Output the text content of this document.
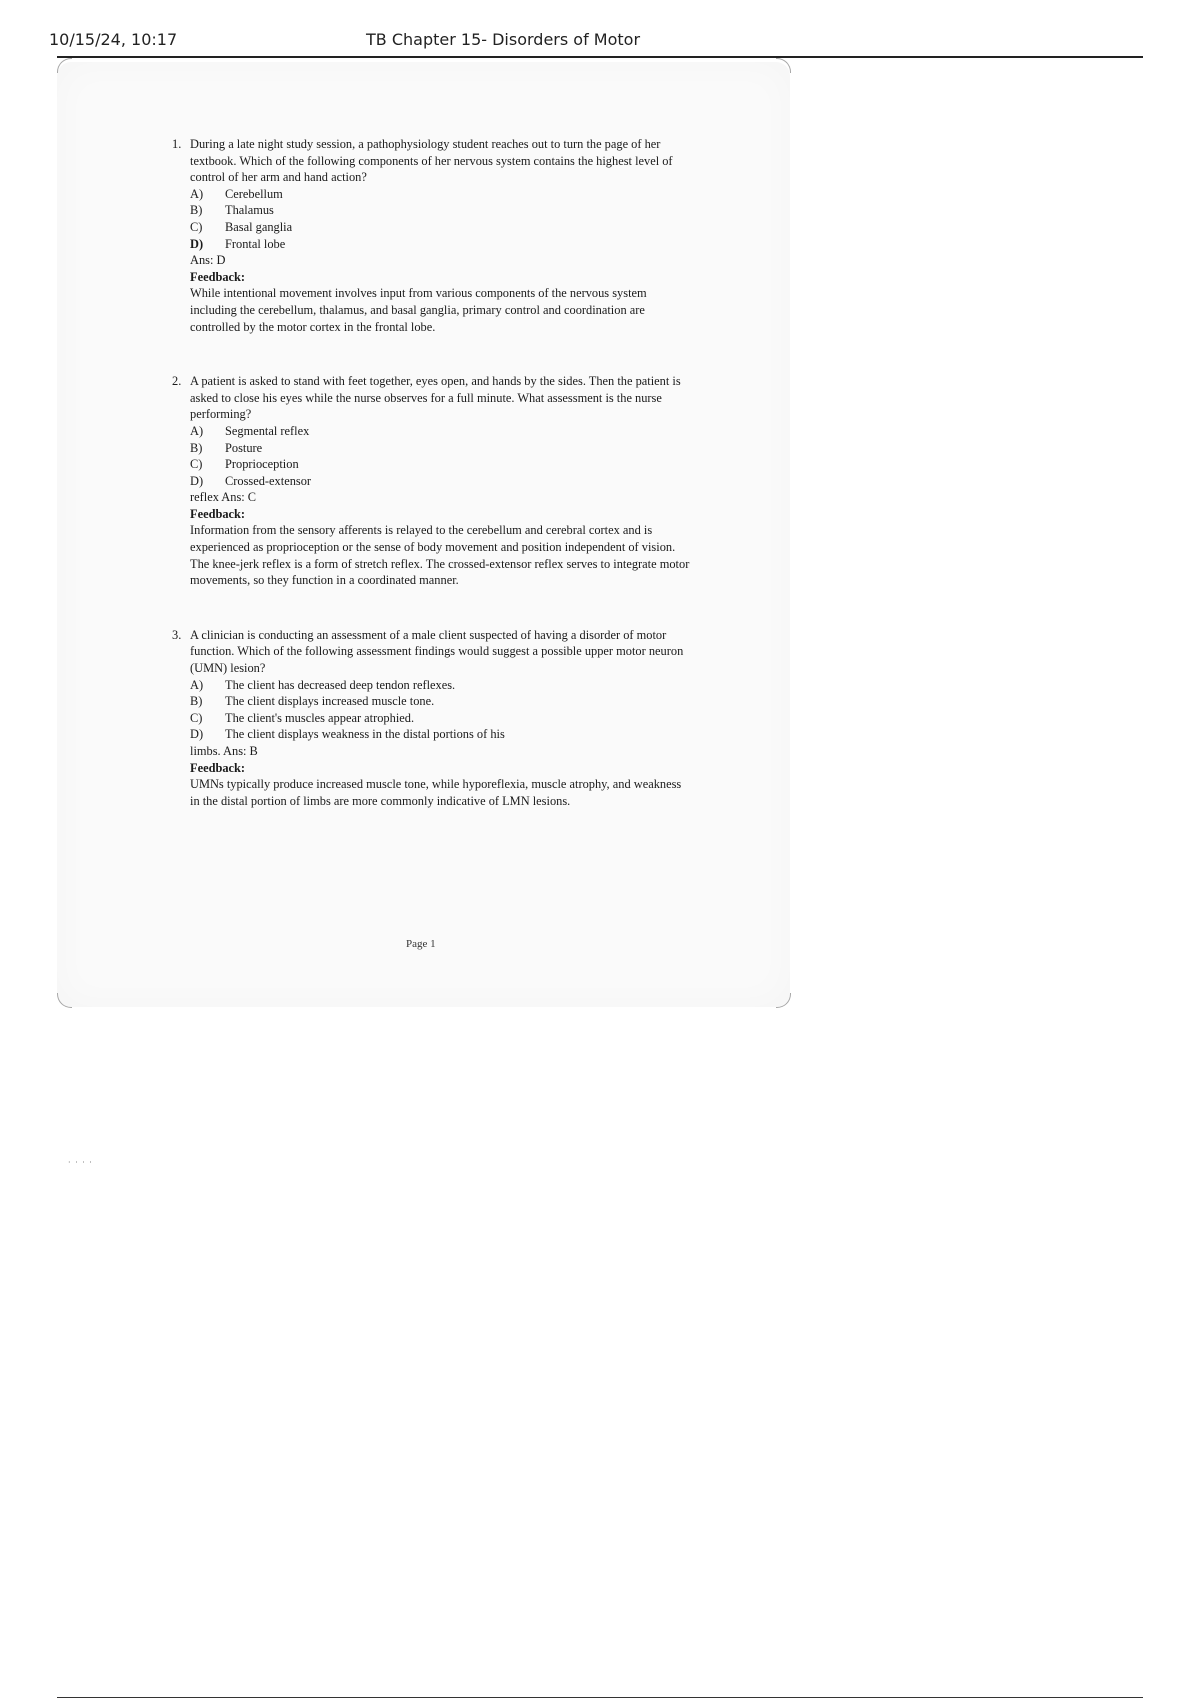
10/15/24, 10:17	TB Chapter 15- Disorders of Motor
1. During a late night study session, a pathophysiology student reaches out to turn the page of her textbook. Which of the following components of her nervous system contains the highest level of control of her arm and hand action?
A)	Cerebellum
B)	Thalamus
C)	Basal ganglia
D)	Frontal lobe
Ans: D
Feedback:
While intentional movement involves input from various components of the nervous system including the cerebellum, thalamus, and basal ganglia, primary control and coordination are controlled by the motor cortex in the frontal lobe.
2. A patient is asked to stand with feet together, eyes open, and hands by the sides. Then the patient is asked to close his eyes while the nurse observes for a full minute. What assessment is the nurse performing?
A)	Segmental reflex
B)	Posture
C)	Proprioception
D)	Crossed-extensor
reflex Ans: C
Feedback:
Information from the sensory afferents is relayed to the cerebellum and cerebral cortex and is experienced as proprioception or the sense of body movement and position independent of vision. The knee-jerk reflex is a form of stretch reflex. The crossed-extensor reflex serves to integrate motor movements, so they function in a coordinated manner.
3. A clinician is conducting an assessment of a male client suspected of having a disorder of motor function. Which of the following assessment findings would suggest a possible upper motor neuron (UMN) lesion?
A)	The client has decreased deep tendon reflexes.
B)	The client displays increased muscle tone.
C)	The client's muscles appear atrophied.
D)	The client displays weakness in the distal portions of his
limbs. Ans: B
Feedback:
UMNs typically produce increased muscle tone, while hyporeflexia, muscle atrophy, and weakness in the distal portion of limbs are more commonly indicative of LMN lesions.
Page 1
· · · ·
